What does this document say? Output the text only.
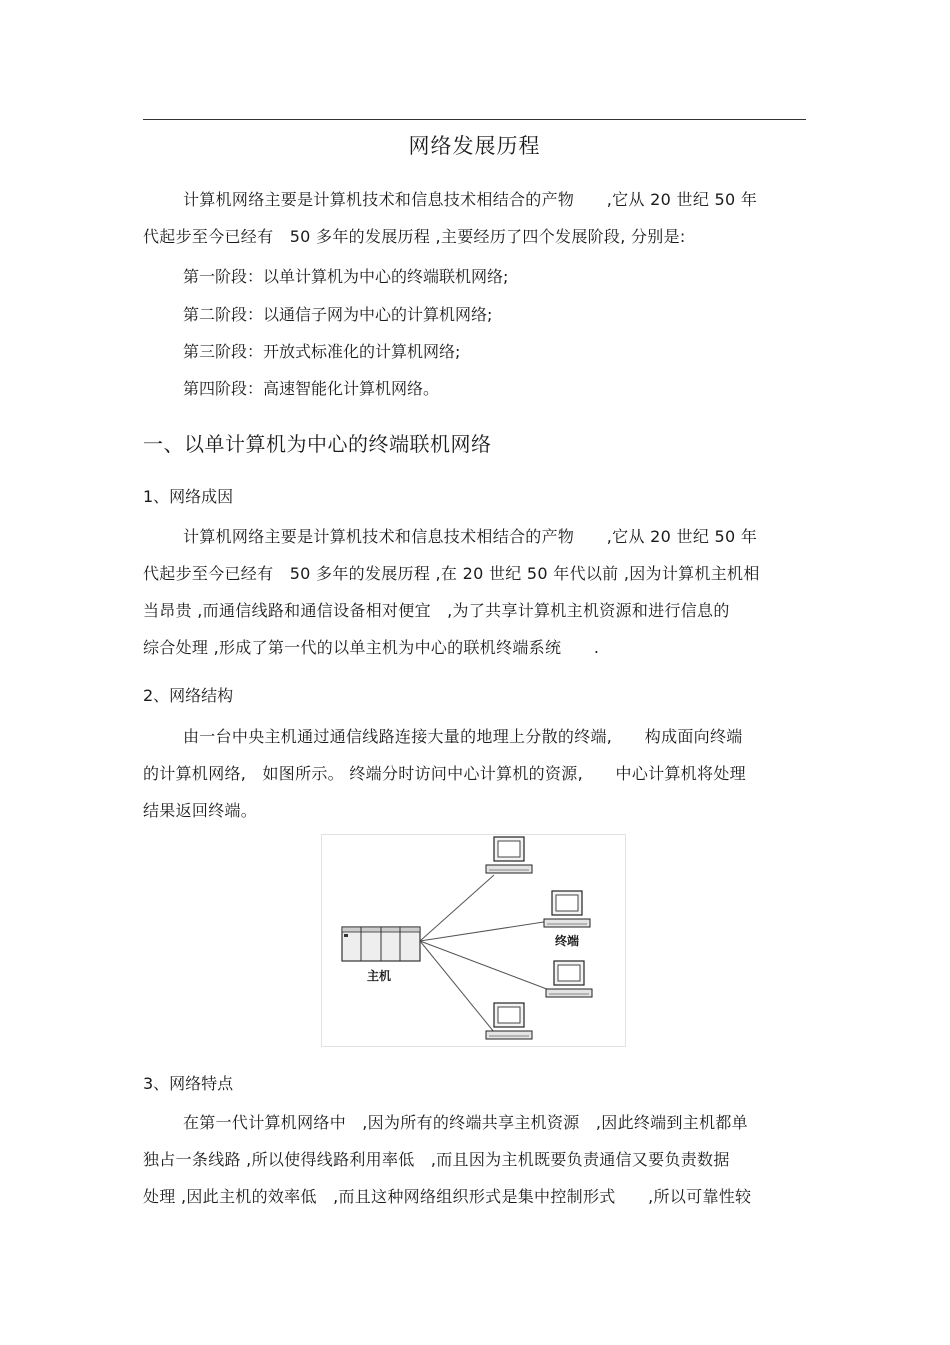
网络发展历程
计算机网络主要是计算机技术和信息技术相结合的产物　　,它从 20 世纪 50 年
代起步至今已经有　50 多年的发展历程 ,主要经历了四个发展阶段, 分别是:
第一阶段：以单计算机为中心的终端联机网络;
第二阶段：以通信子网为中心的计算机网络;
第三阶段：开放式标准化的计算机网络;
第四阶段：高速智能化计算机网络。
一、以单计算机为中心的终端联机网络
1、网络成因
计算机网络主要是计算机技术和信息技术相结合的产物　　,它从 20 世纪 50 年
代起步至今已经有　50 多年的发展历程 ,在 20 世纪 50 年代以前 ,因为计算机主机相
当昂贵 ,而通信线路和通信设备相对便宜　,为了共享计算机主机资源和进行信息的
综合处理 ,形成了第一代的以单主机为中心的联机终端系统　　.
2、网络结构
由一台中央主机通过通信线路连接大量的地理上分散的终端,　　构成面向终端
的计算机网络,　如图所示。 终端分时访问中心计算机的资源,　　中心计算机将处理
结果返回终端。
主机
终端
3、网络特点
在第一代计算机网络中　,因为所有的终端共享主机资源　,因此终端到主机都单
独占一条线路 ,所以使得线路利用率低　,而且因为主机既要负责通信又要负责数据
处理 ,因此主机的效率低　,而且这种网络组织形式是集中控制形式　　,所以可靠性较
